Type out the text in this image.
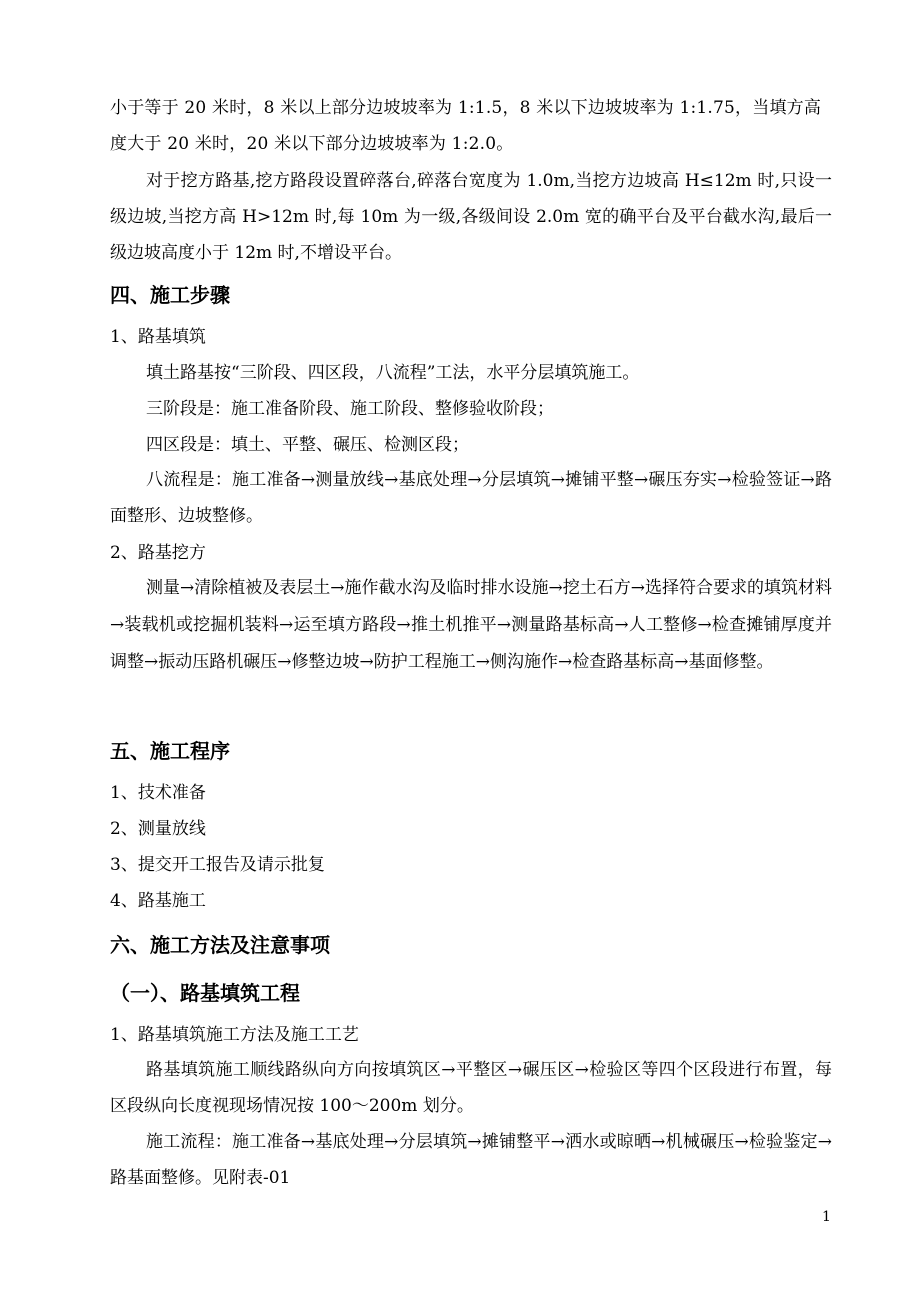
小于等于 20 米时，8 米以上部分边坡坡率为 1:1.5，8 米以下边坡坡率为 1:1.75，当填方高
度大于 20 米时，20 米以下部分边坡坡率为 1:2.0。
对于挖方路基,挖方路段设置碎落台,碎落台宽度为 1.0m,当挖方边坡高 H≤12m 时,只设一级边坡,当挖方高 H>12m 时,每 10m 为一级,各级间设 2.0m 宽的确平台及平台截水沟,最后一级边坡高度小于 12m 时,不增设平台。
四、施工步骤
1、路基填筑
填土路基按“三阶段、四区段，八流程”工法，水平分层填筑施工。
三阶段是：施工准备阶段、施工阶段、整修验收阶段；
四区段是：填土、平整、碾压、检测区段；
八流程是：施工准备→测量放线→基底处理→分层填筑→摊铺平整→碾压夯实→检验签证→路面整形、边坡整修。
2、路基挖方
测量→清除植被及表层土→施作截水沟及临时排水设施→挖土石方→选择符合要求的填筑材料→装载机或挖掘机装料→运至填方路段→推土机推平→测量路基标高→人工整修→检查摊铺厚度并调整→振动压路机碾压→修整边坡→防护工程施工→侧沟施作→检查路基标高→基面修整。
五、施工程序
1、技术准备
2、测量放线
3、提交开工报告及请示批复
4、路基施工
六、施工方法及注意事项
（一）、路基填筑工程
1、路基填筑施工方法及施工工艺
路基填筑施工顺线路纵向方向按填筑区→平整区→碾压区→检验区等四个区段进行布置，每区段纵向长度视现场情况按 100～200m 划分。
施工流程：施工准备→基底处理→分层填筑→摊铺整平→洒水或晾晒→机械碾压→检验鉴定→路基面整修。见附表-01
1
